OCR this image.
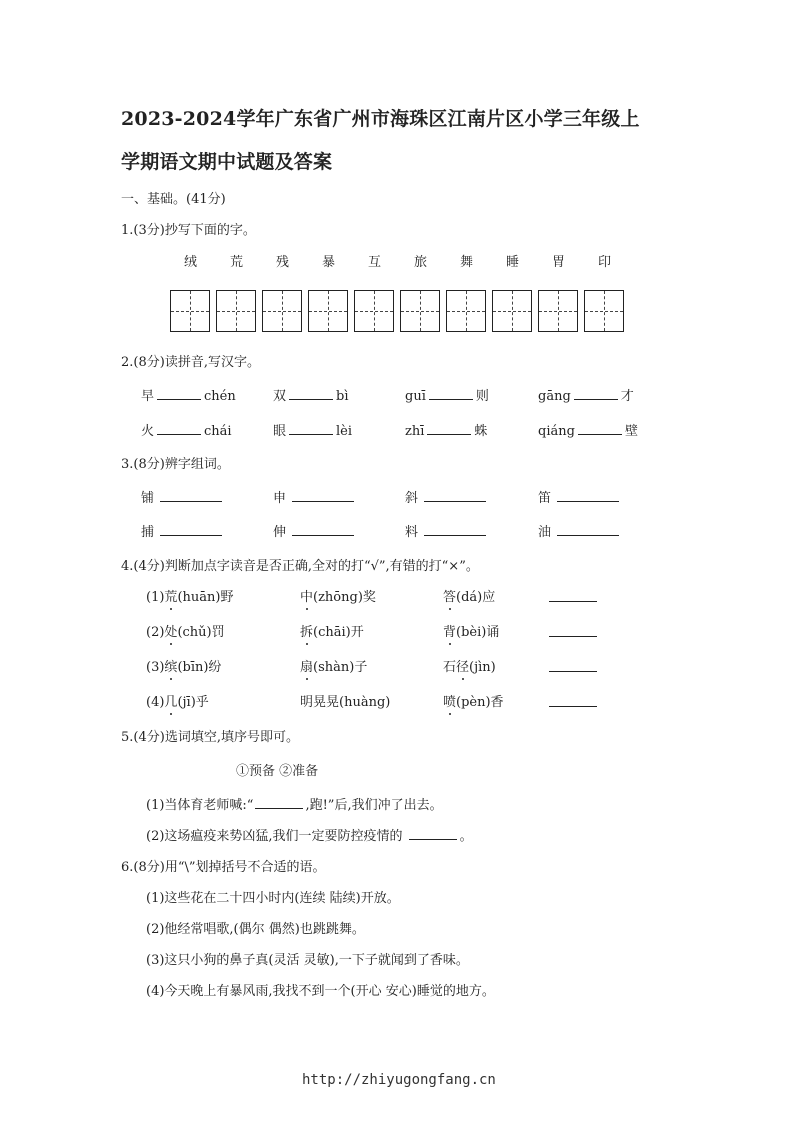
2023-2024学年广东省广州市海珠区江南片区小学三年级上
学期语文期中试题及答案
一、基础。(41分)
1.(3分)抄写下面的字。
绒	荒	残	暴	互	旅	舞	睡	胃	印
2.(8分)读拼音,写汉字。
早	chén	双	bì	guī	则	gāng	才
火	chái	眼	lèi	zhī	蛛	qiáng	壁
3.(8分)辨字组词。
铺	申	斜	笛
捕	伸	料	油
4.(4分)判断加点字读音是否正确,全对的打“√”,有错的打“×”。
(1)荒(huān)野	中(zhōng)奖	答(dá)应
(2)处(chǔ)罚	拆(chāi)开	背(bèi)诵
(3)缤(bīn)纷	扇(shàn)子	石径(jìn)
(4)几(jī)乎	明晃晃(huàng)	喷(pèn)香
5.(4分)选词填空,填序号即可。
①预备 ②准备
(1)当体育老师喊:“	,跑!”后,我们冲了出去。
(2)这场瘟疫来势凶猛,我们一定要防控疫情的	。
6.(8分)用“\”划掉括号不合适的语。
(1)这些花在二十四小时内(连续 陆续)开放。
(2)他经常唱歌,(偶尔 偶然)也跳跳舞。
(3)这只小狗的鼻子真(灵活 灵敏),一下子就闻到了香味。
(4)今天晚上有暴风雨,我找不到一个(开心 安心)睡觉的地方。
http://zhiyugongfang.cn
